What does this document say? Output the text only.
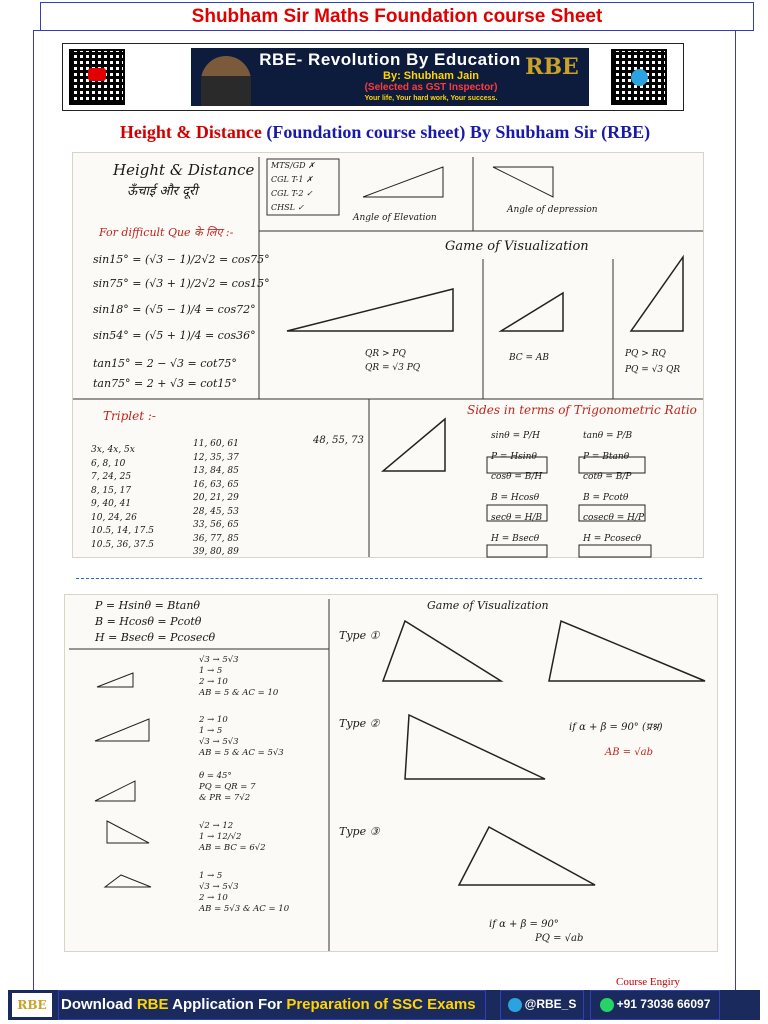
Shubham Sir Maths Foundation course Sheet
RBE- Revolution By Education
By: Shubham Jain
(Selected as GST Inspector)
Your life, Your hard work, Your success.
RBE
Height & Distance (Foundation course sheet) By Shubham Sir (RBE)
Height & Distance
ऊँचाई और दूरी
MTS/GD ✗
CGL T-1 ✗
CGL T-2 ✓
CHSL ✓
For difficult Que के लिए :-
sin15° = (√3 − 1)/2√2 = cos75°
sin75° = (√3 + 1)/2√2 = cos15°
sin18° = (√5 − 1)/4 = cos72°
sin54° = (√5 + 1)/4 = cos36°
tan15° = 2 − √3 = cot75°
tan75° = 2 + √3 = cot15°
Angle of Elevation
Angle of depression
Game of Visualization
QR > PQ
QR = √3 PQ
BC = AB	PQ > RQ
PQ = √3 QR
Triplet :-
48, 55, 73
3x, 4x, 5x
6, 8, 10
7, 24, 25
8, 15, 17
9, 40, 41
10, 24, 26
10.5, 14, 17.5
10.5, 36, 37.5
11, 60, 61
12, 35, 37
13, 84, 85
16, 63, 65
20, 21, 29
28, 45, 53
33, 56, 65
36, 77, 85
39, 80, 89
Sides in terms of Trigonometric Ratio
sinθ = P/H	tanθ = P/B
P = Hsinθ	P = Btanθ
cosθ = B/H	cotθ = B/P
B = Hcosθ	B = Pcotθ
secθ = H/B	cosecθ = H/P
H = Bsecθ	H = Pcosecθ
P = Hsinθ = Btanθ
B = Hcosθ = Pcotθ
H = Bsecθ = Pcosecθ
Game of Visualization
Type ①
Type ②
Type ③
if α + β = 90° (प्रश्न)
AB = √ab
if α + β = 90°
PQ = √ab
√3 → 5√3
1 → 5
2 → 10
AB = 5 & AC = 10
2 → 10
1 → 5
√3 → 5√3
AB = 5 & AC = 5√3
θ = 45°
PQ = QR = 7
& PR = 7√2
√2 → 12
1 → 12/√2
AB = BC = 6√2
1 → 5
√3 → 5√3
2 → 10
AB = 5√3 & AC = 10
Course Engiry
RBE Download RBE Application For Preparation of SSC Exams	@RBE_S	+91 73036 66097
